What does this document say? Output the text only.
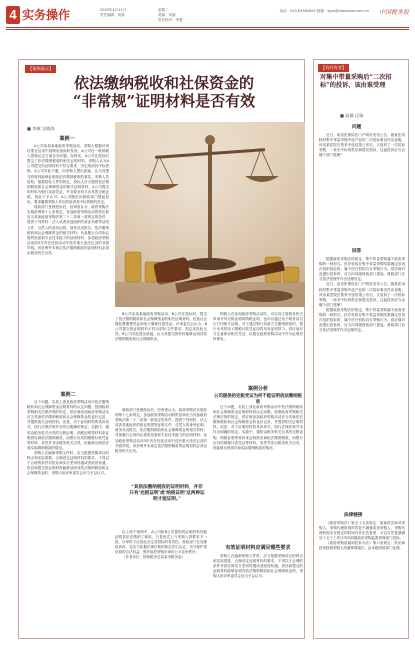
4 实务操作	2023年4月11日
责任编辑：刘晶
星期二
美编：刘丽
责任校对：李慧
电话：010-63584000 邮箱：sjyw@ctaxnews.com.cn 中国税务报
【案例看台】
依法缴纳税收和社保资金的
“非常规”证明材料是否有效
■ 李敏 吴晓涛
案例一

A公司参加某地政府采购活动，采购人根据评审结果在信用中国网站查询时发现，A公司在一般纳税人资格认定方面存在问题。经核实，A公司在投标时提交了依法缴纳税收的相关证明材料，采购人认为A公司提交的证明材料不符合要求，决定取消其中标资格。A公司对此不服，向采购人提出质疑，认为其提交的材料能够证明其依法缴纳税收的事实。采购人答复称，根据招标文件的规定，投标人应当提供依法缴纳税收和社会保障资金的相关证明材料，A公司提交的材料为银行扣款凭证，并非税务机关出具的完税证明，因此不予认可。A公司随后向财政部门提起投诉，要求撤销采购人作出的取消其中标资格的决定。

财政部门受理投诉后，经审查认为，政府采购法实施条例第十七条规定，参加政府采购活动的供应商应当具备政府采购法第二十二条第一款规定的条件，提供下列材料：法人或者其他组织的营业执照等证明文件，自然人的身份证明；财务状况报告，依法缴纳税收和社会保障资金的相关材料；具备履行合同所必需的设备和专业技术能力的证明材料；参加政府采购活动前3年内在经营活动中没有重大违法记录的书面声明。该条例并未规定依法缴纳税收的证明材料必须由税务机关出具。

B公司参加某地政府采购活动，B公司在投标时，提交了依法缴纳税收和社会保障资金的相关证明材料，包括社会保险费缴费凭证和电子缴税付款凭证。评审委员会认为，B公司提交的证明材料不符合招标文件要求，判定其投标无效。B公司对此提出质疑，认为其提交的材料能够证明其依法缴纳税收和社会保障资金。

纳税人在参加政府采购活动时，可以向主管税务机关申请开具完税证明或纳税证明，也可以通过电子税务局自行打印相关证明。对于通过银行扣款方式缴纳税款的，银行出具的电子缴税付款凭证同样具有证明效力。供应商应当注意保存相关凭证，以便在政府采购活动中作为证明材料使用。

案例分析
公司提供的完税凭证为何不能证明依法缴纳税收
案例二

这个问题，实质上涉及政府采购活动中依法缴纳税收和社会保障资金证明材料的认定问题。按照政府采购相关法律法规的规定，供应商参加政府采购活动应当具备依法缴纳税收和社会保障资金的良好记录，并提供相关证明材料。但是，对于证明材料的具体形式，现行法律法规并未作出明确的规定。实践中，通常由税务机关出具的完税证明、纳税证明等材料来证明供应商依法缴纳税收。而银行出具的缴税付款凭证等材料，虽然并非由税务机关出具，但能够反映供应商实际缴纳税款的情况。

采购人在编制采购文件时，应当根据采购项目的特点和实际需要，合理设定证明材料的要求，不得以不合理的条件对供应商实行差别待遇或者歧视待遇。供应商提交的证明材料能够证明其依法缴纳税收和社会保障资金的，采购人和评审委员会应当予以认可。

财政部门受理投诉后，经审查认为，政府采购法实施条例第十七条规定，参加政府采购活动的供应商应当具备政府采购法第二十二条第一款规定的条件，提供下列材料：法人或者其他组织的营业执照等证明文件，自然人的身份证明；财务状况报告，依法缴纳税收和社会保障资金的相关材料；具备履行合同所必需的设备和专业技术能力的证明材料；参加政府采购活动前3年内在经营活动中没有重大违法记录的书面声明。该条例并未规定依法缴纳税收的证明材料必须由税务机关出具。

“其依法缴纳税收的证明材料，并非只有‘完税证明’或‘纳税证明’这两种证明才能证明。”

以上两个案例中，A公司和B公司提供的证明材料均能证明其依法缴纳了税收，只是形式上与采购人的要求不一致，评审时不应因此否定其投标的有效性。财政部门在处理投诉时，也应当依据法律法规的规定作出认定，充分保护供应商的合法权益，维护政府采购市场的公平竞争秩序。

（作者单位：国家税务总局某市税务局）

这个问题，实质上涉及政府采购活动中依法缴纳税收和社会保障资金证明材料的认定问题。按照政府采购相关法律法规的规定，供应商参加政府采购活动应当具备依法缴纳税收和社会保障资金的良好记录，并提供相关证明材料。但是，对于证明材料的具体形式，现行法律法规并未作出明确的规定。实践中，通常由税务机关出具的完税证明、纳税证明等材料来证明供应商依法缴纳税收。而银行出具的缴税付款凭证等材料，虽然并非由税务机关出具，但能够反映供应商实际缴纳税款的情况。

有效证明材料应满足哪些要求

采购人在编制采购文件时，应当根据采购项目的特点和实际需要，合理设定证明材料的要求，不得以不合理的条件对供应商实行差别待遇或者歧视待遇。供应商提交的证明材料能够证明其依法缴纳税收和社会保障资金的，采购人和评审委员会应当予以认可。

【有问有答】
对集中带量采购后“二次招标”的投诉，该由谁受理
■ 高静 汪瑞
问题

近日，某省医保局在门户网站发布公告，就某医用耗材集中带量采购中选产品的二次招标事宜作出说明。该省某医院在集采中选结果公布后，又组织了一次招标采购，一家未中标的供应商提出投诉。这起投诉应当由哪个部门受理？

回答

根据政府采购法的规定，集中带量采购属于政府采购的一种形式。医疗机构在集中带量采购结果确定后再次组织招标的，属于医疗机构自行采购行为，供应商对此提出投诉的，应当向同级财政部门提起。财政部门应当依法受理并作出处理决定。

近日，某省医保局在门户网站发布公告，就某医用耗材集中带量采购中选产品的二次招标事宜作出说明。该省某医院在集采中选结果公布后，又组织了一次招标采购，一家未中标的供应商提出投诉。这起投诉应当由哪个部门受理？

根据政府采购法的规定，集中带量采购属于政府采购的一种形式。医疗机构在集中带量采购结果确定后再次组织招标的，属于医疗机构自行采购行为，供应商对此提出投诉的，应当向同级财政部门提起。财政部门应当依法受理并作出处理决定。

法律链接

《政府采购法》第五十五条规定：质疑供应商对采购人、采购代理机构的答复不满意或者采购人、采购代理机构未在规定的时间内作出答复的，可以在答复期满后十五个工作日内向同级政府采购监督管理部门投诉。

《政府采购质疑和投诉办法》第六条规定：供应商投诉按照采购人所属预算级次，由本级财政部门处理。
